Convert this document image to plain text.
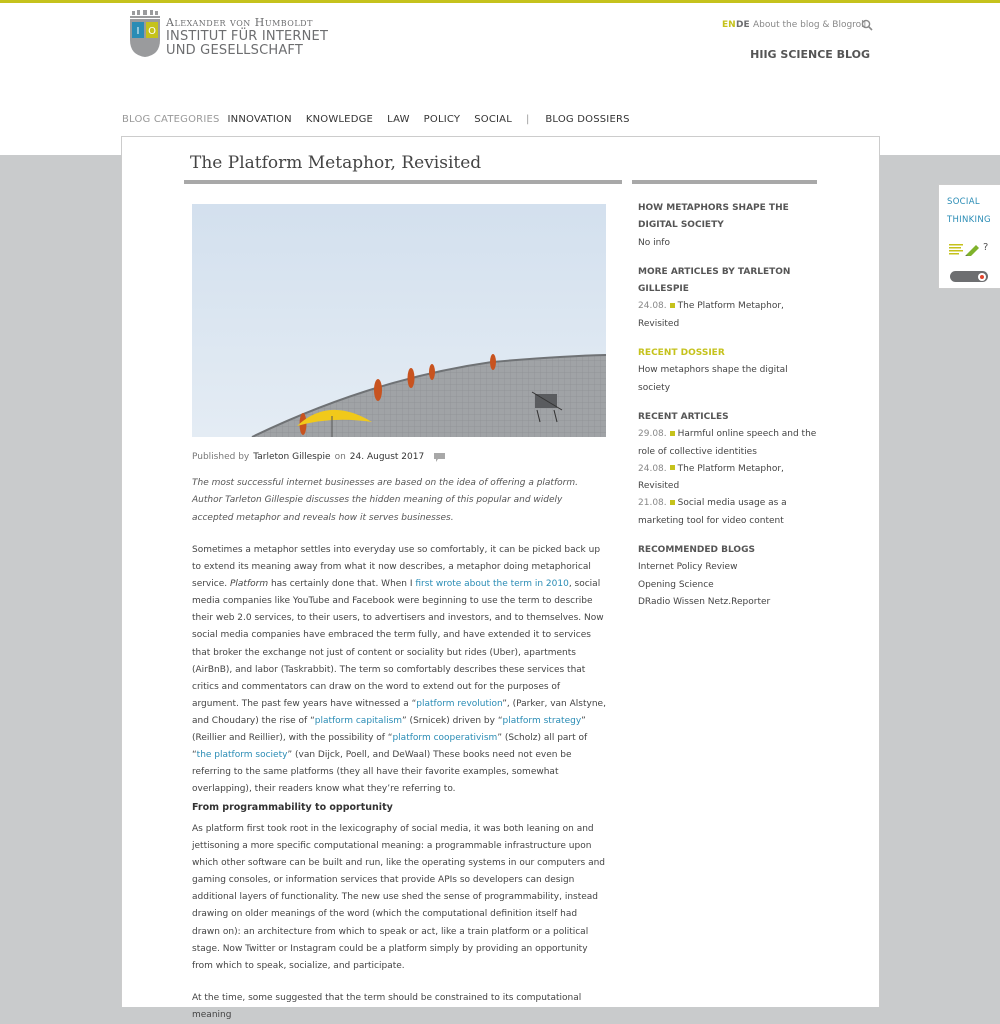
I O
Alexander von Humboldt
INSTITUT FÜR INTERNET
UND GESELLSCHAFT
EN DE About the blog & Blogroll
HIIG SCIENCE BLOG
BLOG CATEGORIES INNOVATION KNOWLEDGE LAW POLICY SOCIAL | BLOG DOSSIERS
The Platform Metaphor, Revisited
Published by Tarleton Gillespie on 24. August 2017
The most successful internet businesses are based on the idea of offering a platform. Author Tarleton Gillespie discusses the hidden meaning of this popular and widely accepted metaphor and reveals how it serves businesses.
Sometimes a metaphor settles into everyday use so comfortably, it can be picked back up to extend its meaning away from what it now describes, a metaphor doing metaphorical service. Platform has certainly done that. When I first wrote about the term in 2010, social media companies like YouTube and Facebook were beginning to use the term to describe their web 2.0 services, to their users, to advertisers and investors, and to themselves. Now social media companies have embraced the term fully, and have extended it to services that broker the exchange not just of content or sociality but rides (Uber), apartments (AirBnB), and labor (Taskrabbit). The term so comfortably describes these services that critics and commentators can draw on the word to extend out for the purposes of argument. The past few years have witnessed a “platform revolution”, (Parker, van Alstyne, and Choudary) the rise of “platform capitalism” (Srnicek) driven by “platform strategy” (Reillier and Reillier), with the possibility of “platform cooperativism” (Scholz) all part of “the platform society” (van Dijck, Poell, and DeWaal) These books need not even be referring to the same platforms (they all have their favorite examples, somewhat overlapping), their readers know what they’re referring to.
From programmability to opportunity
As platform first took root in the lexicography of social media, it was both leaning on and jettisoning a more specific computational meaning: a programmable infrastructure upon which other software can be built and run, like the operating systems in our computers and gaming consoles, or information services that provide APIs so developers can design additional layers of functionality. The new use shed the sense of programmability, instead drawing on older meanings of the word (which the computational definition itself had drawn on): an architecture from which to speak or act, like a train platform or a political stage. Now Twitter or Instagram could be a platform simply by providing an opportunity from which to speak, socialize, and participate.
At the time, some suggested that the term should be constrained to its computational meaning
HOW METAPHORS SHAPE THE DIGITAL SOCIETY
No info
MORE ARTICLES BY TARLETON GILLESPIE
24.08. The Platform Metaphor, Revisited
RECENT DOSSIER
How metaphors shape the digital society
RECENT ARTICLES
29.08. Harmful online speech and the role of collective identities
24.08. The Platform Metaphor, Revisited
21.08. Social media usage as a marketing tool for video content
RECOMMENDED BLOGS
Internet Policy Review
Opening Science
DRadio Wissen Netz.Reporter
SOCIAL
THINKING
?
